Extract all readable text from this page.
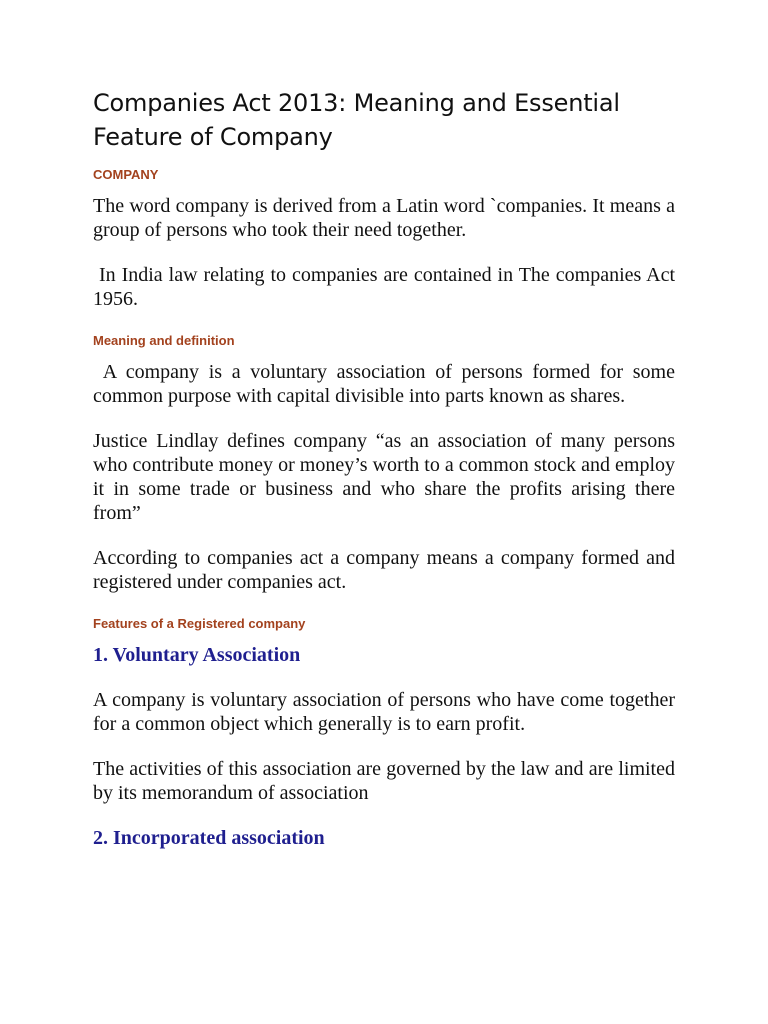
Companies Act 2013: Meaning and Essential Feature of Company
COMPANY

The word company is derived from a Latin word `companies. It means a group of persons who took their need together.

In India law relating to companies are contained in The companies Act 1956.

Meaning and definition

A company is a voluntary association of persons formed for some common purpose with capital divisible into parts known as shares.

Justice Lindlay defines company “as an association of many persons who contribute money or money’s worth to a common stock and employ it in some trade or business and who share the profits arising there from”

According to companies act a company means a company formed and registered under companies act.

Features of a Registered company
1. Voluntary Association

A company is voluntary association of persons who have come together for a common object which generally is to earn profit.

The activities of this association are governed by the law and are limited by its memorandum of association

2. Incorporated association
